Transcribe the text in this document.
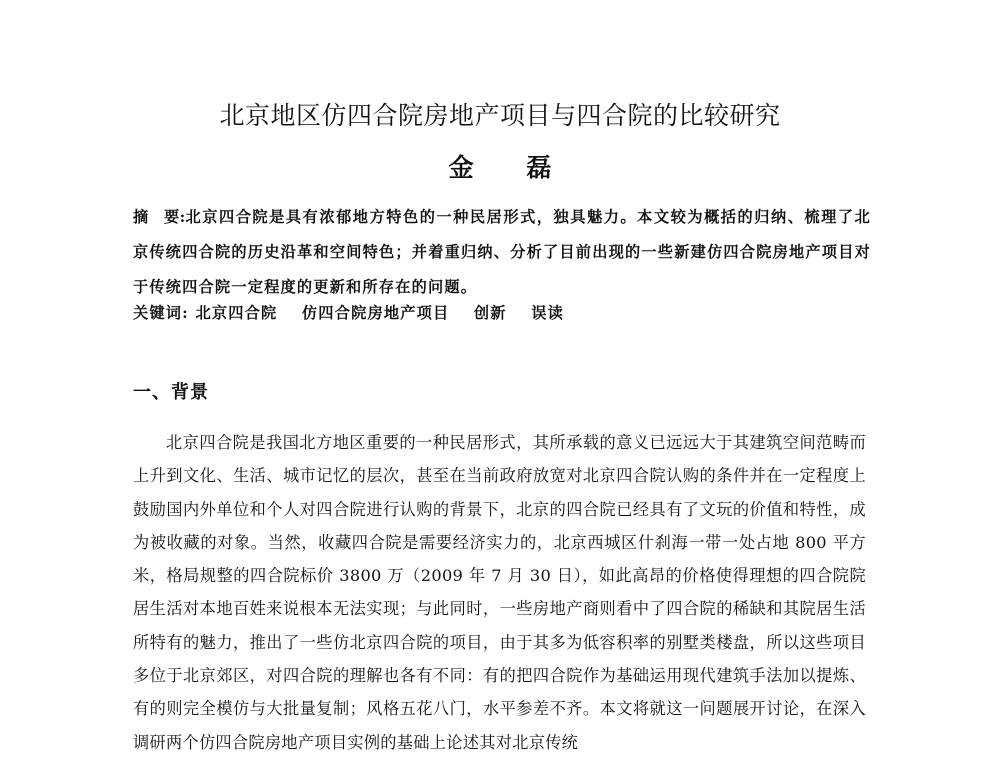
北京地区仿四合院房地产项目与四合院的比较研究
金 磊
摘　要:北京四合院是具有浓郁地方特色的一种民居形式，独具魅力。本文较为概括的归纳、梳理了北京传统四合院的历史沿革和空间特色；并着重归纳、分析了目前出现的一些新建仿四合院房地产项目对于传统四合院一定程度的更新和所存在的问题。
关键词: 北京四合院 仿四合院房地产项目 创新 误读
一、背景
北京四合院是我国北方地区重要的一种民居形式，其所承载的意义已远远大于其建筑空间范畴而上升到文化、生活、城市记忆的层次，甚至在当前政府放宽对北京四合院认购的条件并在一定程度上鼓励国内外单位和个人对四合院进行认购的背景下，北京的四合院已经具有了文玩的价值和特性，成为被收藏的对象。当然，收藏四合院是需要经济实力的，北京西城区什刹海一带一处占地 800 平方米，格局规整的四合院标价 3800 万（2009 年 7 月 30 日），如此高昂的价格使得理想的四合院院居生活对本地百姓来说根本无法实现；与此同时，一些房地产商则看中了四合院的稀缺和其院居生活所特有的魅力，推出了一些仿北京四合院的项目，由于其多为低容积率的别墅类楼盘，所以这些项目多位于北京郊区，对四合院的理解也各有不同：有的把四合院作为基础运用现代建筑手法加以提炼、有的则完全模仿与大批量复制；风格五花八门，水平参差不齐。本文将就这一问题展开讨论，在深入调研两个仿四合院房地产项目实例的基础上论述其对北京传统
